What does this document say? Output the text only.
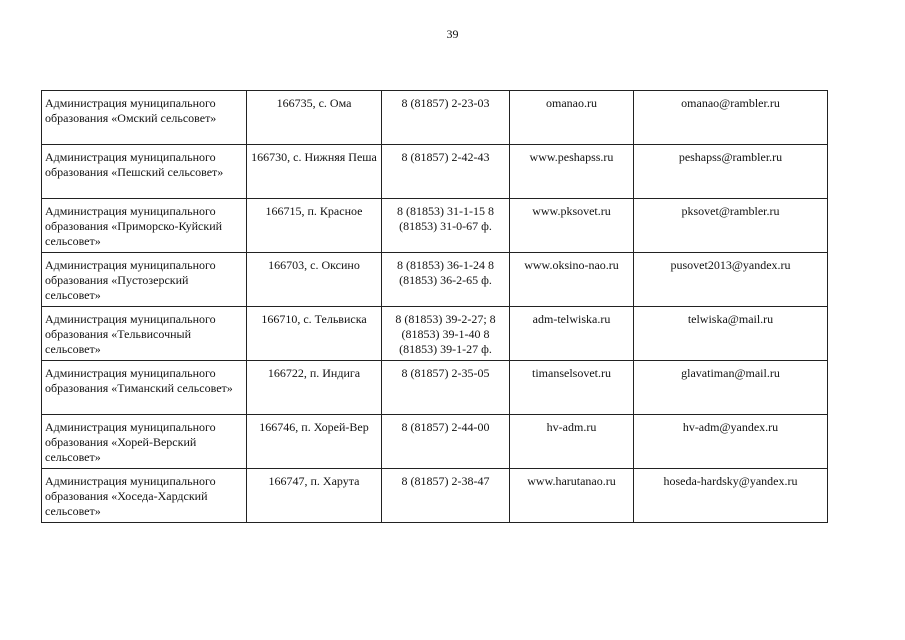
39
Администрация муниципального образования «Омский сельсовет»	166735, с. Ома	8 (81857) 2-23-03	omanao.ru	omanao@rambler.ru
Администрация муниципального образования «Пешский сельсовет»	166730, с. Нижняя Пеша	8 (81857) 2-42-43	www.peshapss.ru	peshapss@rambler.ru
Администрация муниципального образования «Приморско-Куйский сельсовет»	166715, п. Красное	8 (81853) 31-1-15 8 (81853) 31-0-67 ф.	www.pksovet.ru	pksovet@rambler.ru
Администрация муниципального образования «Пустозерский сельсовет»	166703, с. Оксино	8 (81853) 36-1-24 8 (81853) 36-2-65 ф.	www.oksino-nao.ru	pusovet2013@yandex.ru
Администрация муниципального образования «Тельвисочный сельсовет»	166710, с. Тельвиска	8 (81853) 39-2-27; 8 (81853) 39-1-40 8 (81853) 39-1-27 ф.	adm-telwiska.ru	telwiska@mail.ru
Администрация муниципального образования «Тиманский сельсовет»	166722, п. Индига	8 (81857) 2-35-05	timanselsovet.ru	glavatiman@mail.ru
Администрация муниципального образования «Хорей-Верский сельсовет»	166746, п. Хорей-Вер	8 (81857) 2-44-00	hv-adm.ru	hv-adm@yandex.ru
Администрация муниципального образования «Хоседа-Хардский сельсовет»	166747, п. Харута	8 (81857) 2-38-47	www.harutanao.ru	hoseda-hardsky@yandex.ru
